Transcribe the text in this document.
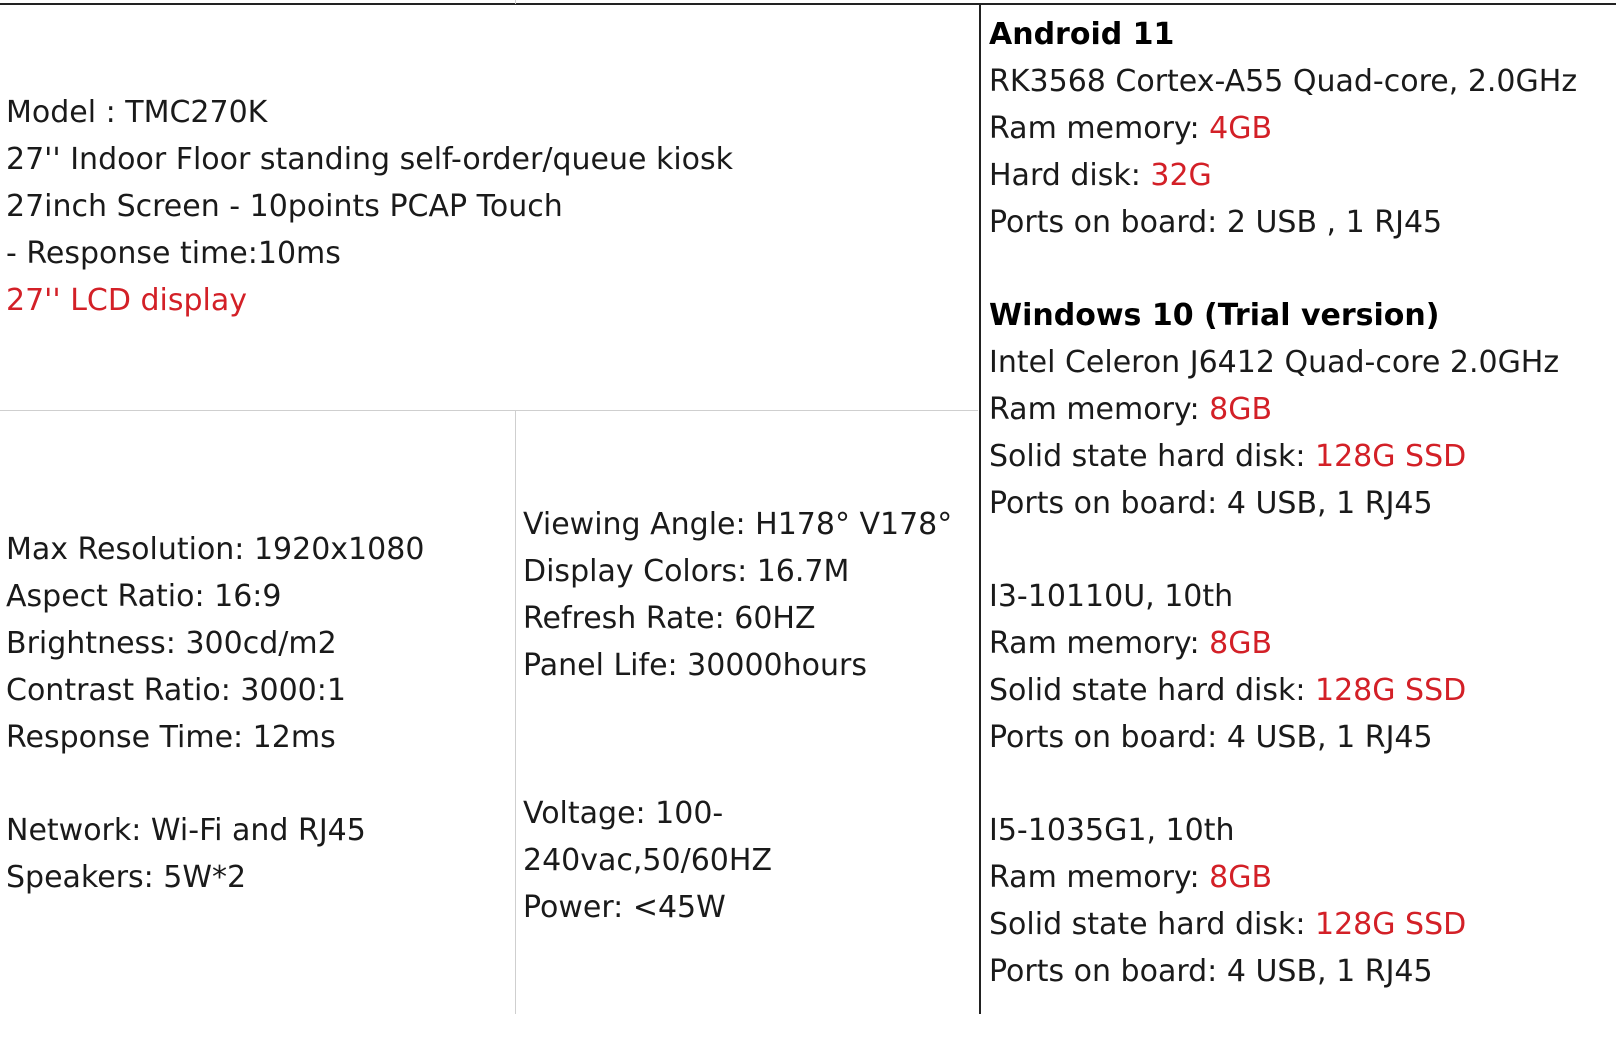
Model : TMC270K
27'' Indoor Floor standing self-order/queue kiosk
27inch Screen - 10points PCAP Touch
- Response time:10ms
27'' LCD display
Max Resolution: 1920x1080
Aspect Ratio: 16:9
Brightness: 300cd/m2
Contrast Ratio: 3000:1
Response Time: 12ms
Network: Wi-Fi and RJ45
Speakers: 5W*2
Viewing Angle: H178° V178°
Display Colors: 16.7M
Refresh Rate: 60HZ
Panel Life: 30000hours
Voltage: 100-
240vac,50/60HZ
Power: <45W
Android 11
RK3568 Cortex-A55 Quad-core, 2.0GHz
Ram memory: 4GB
Hard disk: 32G
Ports on board: 2 USB , 1 RJ45
Windows 10 (Trial version)
Intel Celeron J6412 Quad-core 2.0GHz
Ram memory: 8GB
Solid state hard disk: 128G SSD
Ports on board: 4 USB, 1 RJ45
I3-10110U, 10th
Ram memory: 8GB
Solid state hard disk: 128G SSD
Ports on board: 4 USB, 1 RJ45
I5-1035G1, 10th
Ram memory: 8GB
Solid state hard disk: 128G SSD
Ports on board: 4 USB, 1 RJ45
